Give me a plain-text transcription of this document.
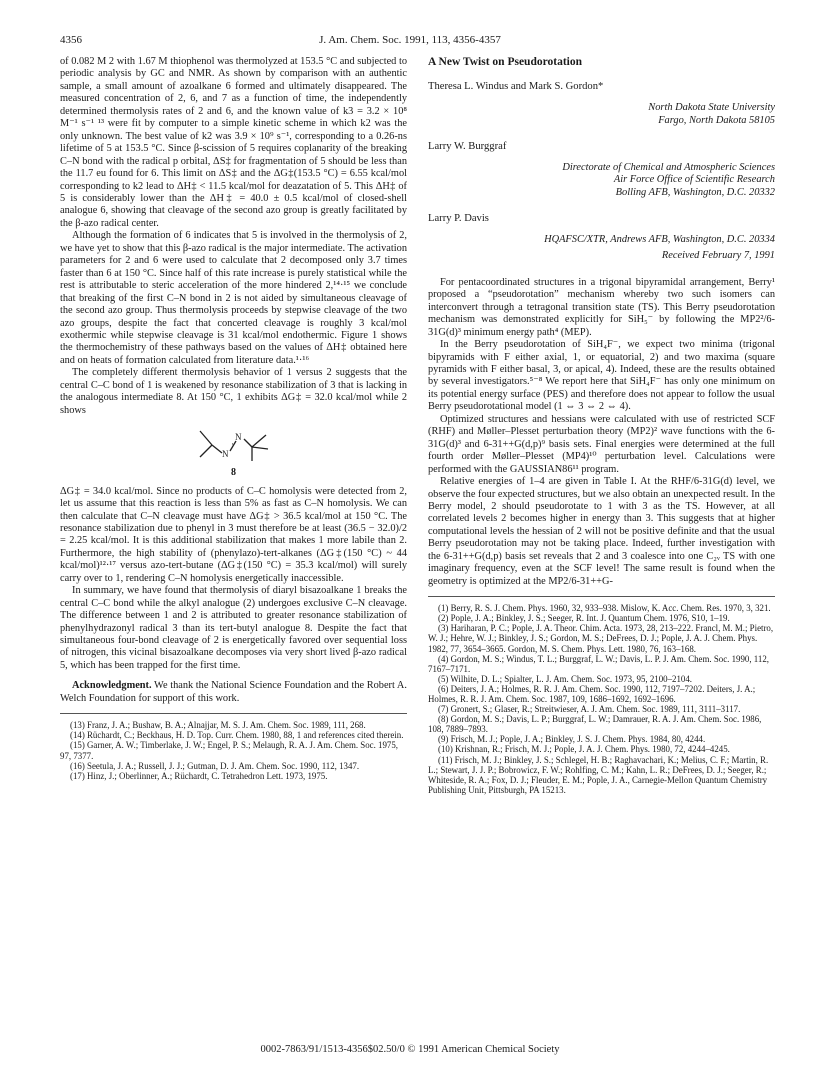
4356	J. Am. Chem. Soc. 1991, 113, 4356-4357

of 0.082 M 2 with 1.67 M thiophenol was thermolyzed at 153.5 °C and subjected to periodic analysis by GC and NMR. As shown by comparison with an authentic sample, a small amount of azoalkane 6 formed and ultimately disappeared. The measured concentration of 2, 6, and 7 as a function of time, the independently determined thermolysis rates of 2 and 6, and the known value of k3 = 3.2 × 10⁸ M⁻¹ s⁻¹ ¹³ were fit by computer to a simple kinetic scheme in which k2 was the only unknown. The best value of k2 was 3.9 × 10⁹ s⁻¹, corresponding to a 0.26-ns lifetime of 5 at 153.5 °C. Since β-scission of 5 requires coplanarity of the breaking C–N bond with the radical p orbital, ΔS‡ for fragmentation of 5 should be less than the 11.7 eu found for 6. This limit on ΔS‡ and the ΔG‡(153.5 °C) = 6.55 kcal/mol corresponding to k2 lead to ΔH‡ < 11.5 kcal/mol for deazatation of 5. This ΔH‡ of 5 is considerably lower than the ΔH‡ = 40.0 ± 0.5 kcal/mol of closed-shell analogue 6, showing that cleavage of the second azo group is greatly facilitated by the β-azo radical center.

Although the formation of 6 indicates that 5 is involved in the thermolysis of 2, we have yet to show that this β-azo radical is the major intermediate. The activation parameters for 2 and 6 were used to calculate that 2 decomposed only 3.7 times faster than 6 at 150 °C. Since half of this rate increase is purely statistical while the rest is attributable to steric acceleration of the more hindered 2,¹⁴·¹⁵ we conclude that breaking of the first C–N bond in 2 is not aided by simultaneous cleavage of the second azo group. Thus thermolysis proceeds by stepwise cleavage of the two azo groups, despite the fact that concerted cleavage is roughly 3 kcal/mol exothermic while stepwise cleavage is 31 kcal/mol endothermic. Figure 1 shows the thermochemistry of these pathways based on the values of ΔH‡ obtained here and on heats of formation calculated from literature data.¹·¹⁶

The completely different thermolysis behavior of 1 versus 2 suggests that the central C–C bond of 1 is weakened by resonance stabilization of 3 that is lacking in the analogous intermediate 8. At 150 °C, 1 exhibits ΔG‡ = 32.0 kcal/mol while 2 shows

N
N
·
8

ΔG‡ = 34.0 kcal/mol. Since no products of C–C homolysis were detected from 2, let us assume that this reaction is less than 5% as fast as C–N homolysis. We can then calculate that C–N cleavage must have ΔG‡ > 36.5 kcal/mol at 150 °C. The resonance stabilization due to phenyl in 3 must therefore be at least (36.5 − 32.0)/2 = 2.25 kcal/mol. It is this additional stabilization that makes 1 more labile than 2. Furthermore, the high stability of (phenylazo)-tert-alkanes (ΔG‡(150 °C) ~ 44 kcal/mol)¹²·¹⁷ versus azo-tert-butane (ΔG‡(150 °C) = 35.3 kcal/mol) will surely carry over to 1, rendering C–N homolysis energetically inaccessible.

In summary, we have found that thermolysis of diaryl bisazoalkane 1 breaks the central C–C bond while the alkyl analogue (2) undergoes exclusive C–N cleavage. The difference between 1 and 2 is attributed to greater resonance stabilization of phenylhydrazonyl radical 3 than its tert-butyl analogue 8. Despite the fact that simultaneous four-bond cleavage of 2 is energetically favored over sequential loss of nitrogen, this vicinal bisazoalkane decomposes via very short lived β-azo radical 5, which has been trapped for the first time.

Acknowledgment. We thank the National Science Foundation and the Robert A. Welch Foundation for support of this work.

(13) Franz, J. A.; Bushaw, B. A.; Alnajjar, M. S. J. Am. Chem. Soc. 1989, 111, 268.
(14) Rüchardt, C.; Beckhaus, H. D. Top. Curr. Chem. 1980, 88, 1 and references cited therein.
(15) Garner, A. W.; Timberlake, J. W.; Engel, P. S.; Melaugh, R. A. J. Am. Chem. Soc. 1975, 97, 7377.
(16) Seetula, J. A.; Russell, J. J.; Gutman, D. J. Am. Chem. Soc. 1990, 112, 1347.
(17) Hinz, J.; Oberlinner, A.; Rüchardt, C. Tetrahedron Lett. 1973, 1975.
A New Twist on Pseudorotation
Theresa L. Windus and Mark S. Gordon*
North Dakota State University
Fargo, North Dakota 58105
Larry W. Burggraf
Directorate of Chemical and Atmospheric Sciences
Air Force Office of Scientific Research
Bolling AFB, Washington, D.C. 20332
Larry P. Davis
HQAFSC/XTR, Andrews AFB, Washington, D.C. 20334
Received February 7, 1991

For pentacoordinated structures in a trigonal bipyramidal arrangement, Berry¹ proposed a “pseudorotation” mechanism whereby two such isomers can interconvert through a tetragonal transition state (TS). This Berry pseudorotation mechanism was demonstrated explicitly for SiH₅⁻ by following the MP2²/6-31G(d)³ minimum energy path⁴ (MEP).

In the Berry pseudorotation of SiH₄F⁻, we expect two minima (trigonal bipyramids with F either axial, 1, or equatorial, 2) and two maxima (square pyramids with F either basal, 3, or apical, 4). Indeed, these are the results obtained by several investigators.⁵⁻⁸ We report here that SiH₄F⁻ has only one minimum on its potential energy surface (PES) and therefore does not appear to follow the usual Berry pseudorotational model (1 ⇔ 3 ⇔ 2 ⇔ 4).

Optimized structures and hessians were calculated with use of restricted SCF (RHF) and Møller–Plesset perturbation theory (MP2)² wave functions with the 6-31G(d)³ and 6-31++G(d,p)⁹ basis sets. Final energies were determined at the full fourth order Møller–Plesset (MP4)¹⁰ perturbation level. Calculations were performed with the GAUSSIAN86¹¹ program.

Relative energies of 1–4 are given in Table I. At the RHF/6-31G(d) level, we observe the four expected structures, but we also obtain an unexpected result. In the Berry model, 2 should pseudorotate to 1 with 3 as the TS. However, at all correlated levels 2 becomes higher in energy than 3. This suggests that at higher computational levels the hessian of 2 will not be positive definite and that the usual Berry pseudorotation may not be taking place. Indeed, further investigation with the 6-31++G(d,p) basis set reveals that 2 and 3 coalesce into one C₂ᵥ TS with one imaginary frequency, even at the SCF level! The same result is found when the geometry is optimized at the MP2/6-31++G-

(1) Berry, R. S. J. Chem. Phys. 1960, 32, 933–938. Mislow, K. Acc. Chem. Res. 1970, 3, 321.
(2) Pople, J. A.; Binkley, J. S.; Seeger, R. Int. J. Quantum Chem. 1976, S10, 1–19.
(3) Hariharan, P. C.; Pople, J. A. Theor. Chim. Acta. 1973, 28, 213–222. Francl, M. M.; Pietro, W. J.; Hehre, W. J.; Binkley, J. S.; Gordon, M. S.; DeFrees, D. J.; Pople, J. A. J. Chem. Phys. 1982, 77, 3654–3665. Gordon, M. S. Chem. Phys. Lett. 1980, 76, 163–168.
(4) Gordon, M. S.; Windus, T. L.; Burggraf, L. W.; Davis, L. P. J. Am. Chem. Soc. 1990, 112, 7167–7171.
(5) Wilhite, D. L.; Spialter, L. J. Am. Chem. Soc. 1973, 95, 2100–2104.
(6) Deiters, J. A.; Holmes, R. R. J. Am. Chem. Soc. 1990, 112, 7197–7202. Deiters, J. A.; Holmes, R. R. J. Am. Chem. Soc. 1987, 109, 1686–1692, 1692–1696.
(7) Gronert, S.; Glaser, R.; Streitwieser, A. J. Am. Chem. Soc. 1989, 111, 3111–3117.
(8) Gordon, M. S.; Davis, L. P.; Burggraf, L. W.; Damrauer, R. A. J. Am. Chem. Soc. 1986, 108, 7889–7893.
(9) Frisch, M. J.; Pople, J. A.; Binkley, J. S. J. Chem. Phys. 1984, 80, 4244.
(10) Krishnan, R.; Frisch, M. J.; Pople, J. A. J. Chem. Phys. 1980, 72, 4244–4245.
(11) Frisch, M. J.; Binkley, J. S.; Schlegel, H. B.; Raghavachari, K.; Melius, C. F.; Martin, R. L.; Stewart, J. J. P.; Bobrowicz, F. W.; Rohlfing, C. M.; Kahn, L. R.; DeFrees, D. J.; Seeger, R.; Whiteside, R. A.; Fox, D. J.; Fleuder, E. M.; Pople, J. A., Carnegie-Mellon Quantum Chemistry Publishing Unit, Pittsburgh, PA 15213.
0002-7863/91/1513-4356$02.50/0 © 1991 American Chemical Society
